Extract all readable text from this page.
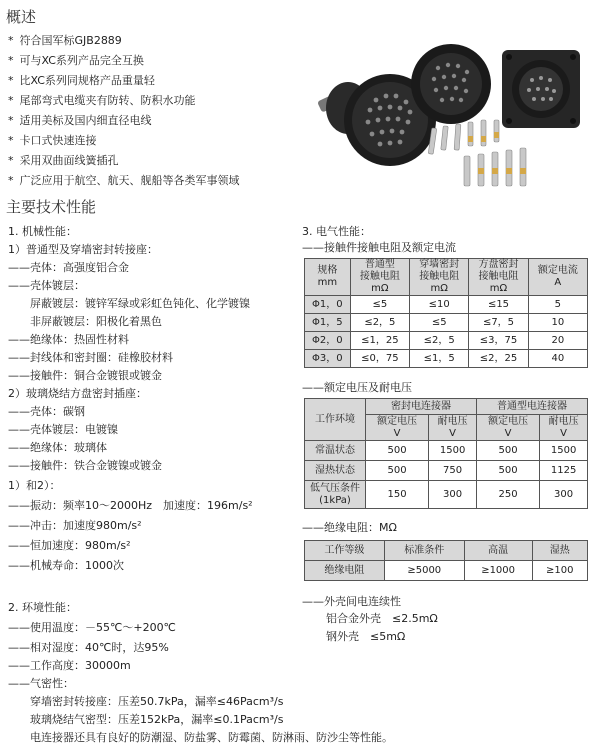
概述
* 符合国军标GJB2889
* 可与XC系列产品完全互换
* 比XC系列同规格产品重量轻
* 尾部弯式电缆夹有防转、防积水功能
* 适用美标及国内细直径电线
* 卡口式快速连接
* 采用双曲面线簧插孔
* 广泛应用于航空、航天、舰船等各类军事领域
主要技术性能
1. 机械性能：
1）普通型及穿墙密封转接座：
——壳体：高强度铝合金
——壳体镀层：
屏蔽镀层：镀锌军绿或彩虹色钝化、化学镀镍
非屏蔽镀层：阳极化着黑色
——绝缘体：热固性材料
——封线体和密封圈：硅橡胶材料
——接触件：铜合金镀银或镀金
2）玻璃烧结方盘密封插座：
——壳体：碳钢
——壳体镀层：电镀镍
——绝缘体：玻璃体
——接触件：铁合金镀镍或镀金
1）和2）：
——振动：频率10～2000Hz　加速度：196m/s²
——冲击：加速度980m/s²
——恒加速度：980m/s²
——机械寿命：1000次
2. 环境性能：
——使用温度：－55℃～+200℃
——相对湿度：40℃时，达95%
——工作高度：30000m
——气密性：
穿墙密封转接座：压差50.7kPa，漏率≤46Pacm³/s
玻璃烧结气密型：压差152kPa，漏率≤0.1Pacm³/s
电连接器还具有良好的防潮湿、防盐雾、防霉菌、防淋雨、防沙尘等性能。
3. 电气性能：
——接触件接触电阻及额定电流
规格
mm	普通型
接触电阻
mΩ	穿墙密封
接触电阻
mΩ	方盘密封
接触电阻
mΩ	额定电流
A
Φ1，0	≤5	≤10	≤15	5
Φ1，5	≤2，5	≤5	≤7，5	10
Φ2，0	≤1，25	≤2，5	≤3，75	20
Φ3，0	≤0，75	≤1，5	≤2，25	40
——额定电压及耐电压
工作环境	密封电连接器		普通型电连接器	
	额定电压
V	耐电压
V	额定电压
V	耐电压
V
常温状态	500	1500	500	1500
湿热状态	500	750	500	1125
低气压条件
(1kPa)	150	300	250	300
——绝缘电阻：MΩ
工作等级	标准条件	高温	湿热
绝缘电阻	≥5000	≥1000	≥100
——外壳间电连续性
铝合金外壳　≤2.5mΩ
钢外壳　≤5mΩ
